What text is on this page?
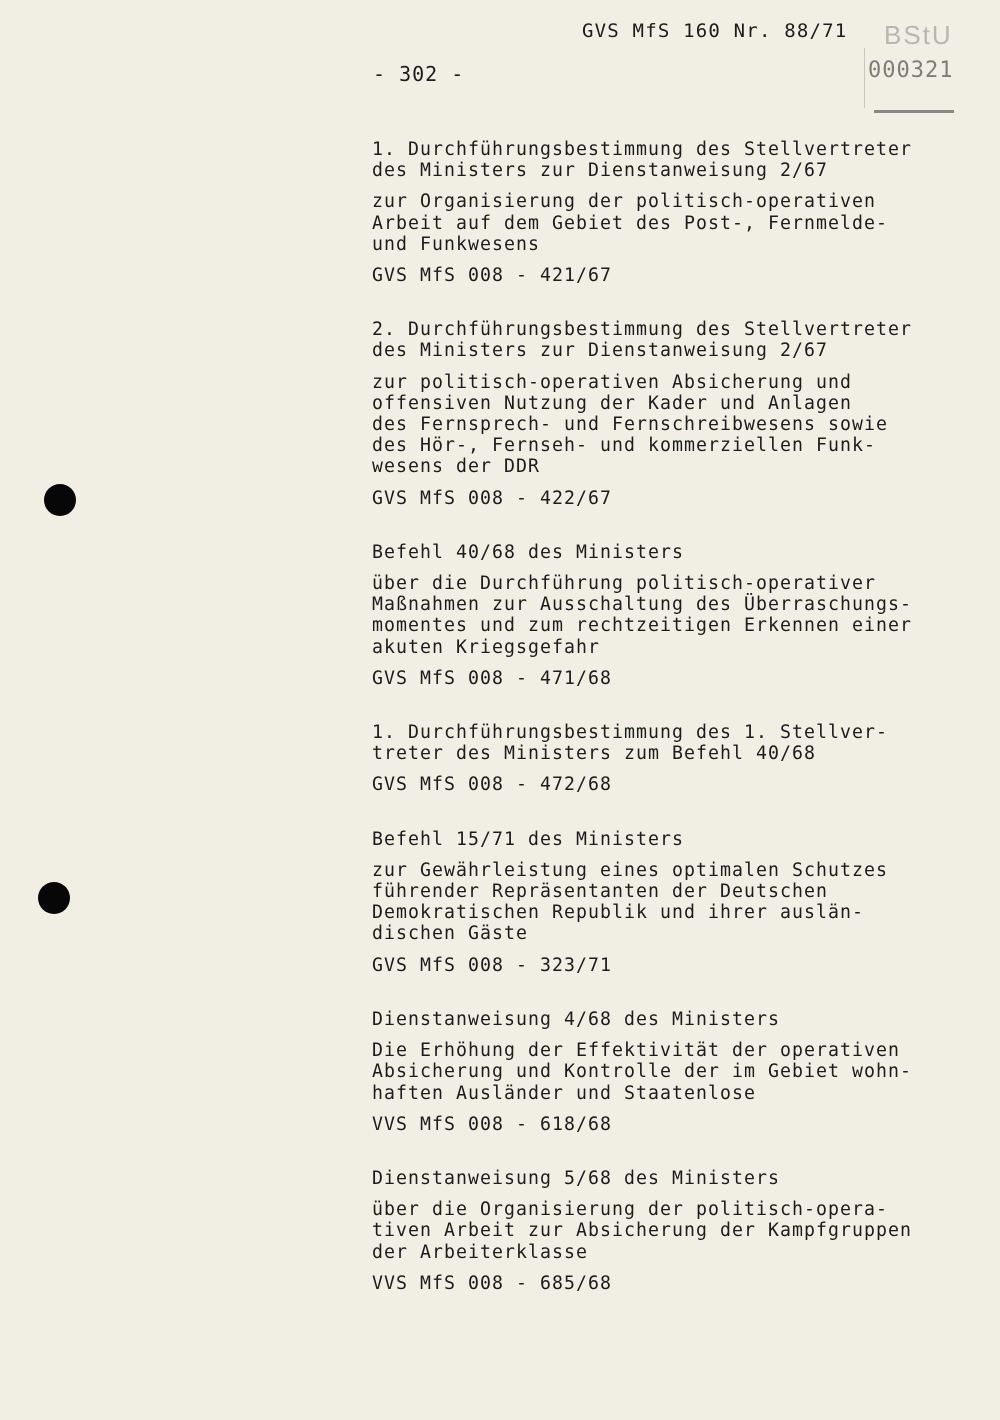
GVS MfS 160 Nr. 88/71
- 302 -
BStU
000321

1. Durchführungsbestimmung des Stellvertreter

des Ministers zur Dienstanweisung 2/67

zur Organisierung der politisch-operativen

Arbeit auf dem Gebiet des Post-, Fernmelde-

und Funkwesens

GVS MfS 008 - 421/67

2. Durchführungsbestimmung des Stellvertreter

des Ministers zur Dienstanweisung 2/67

zur politisch-operativen Absicherung und

offensiven Nutzung der Kader und Anlagen

des Fernsprech- und Fernschreibwesens sowie

des Hör-, Fernseh- und kommerziellen Funk-

wesens der DDR

GVS MfS 008 - 422/67

Befehl 40/68 des Ministers

über die Durchführung politisch-operativer

Maßnahmen zur Ausschaltung des Überraschungs-

momentes und zum rechtzeitigen Erkennen einer

akuten Kriegsgefahr

GVS MfS 008 - 471/68

1. Durchführungsbestimmung des 1. Stellver-

treter des Ministers zum Befehl 40/68

GVS MfS 008 - 472/68

Befehl 15/71 des Ministers

zur Gewährleistung eines optimalen Schutzes

führender Repräsentanten der Deutschen

Demokratischen Republik und ihrer auslän-

dischen Gäste

GVS MfS 008 - 323/71

Dienstanweisung 4/68 des Ministers

Die Erhöhung der Effektivität der operativen

Absicherung und Kontrolle der im Gebiet wohn-

haften Ausländer und Staatenlose

VVS MfS 008 - 618/68

Dienstanweisung 5/68 des Ministers

über die Organisierung der politisch-opera-

tiven Arbeit zur Absicherung der Kampfgruppen

der Arbeiterklasse

VVS MfS 008 - 685/68
